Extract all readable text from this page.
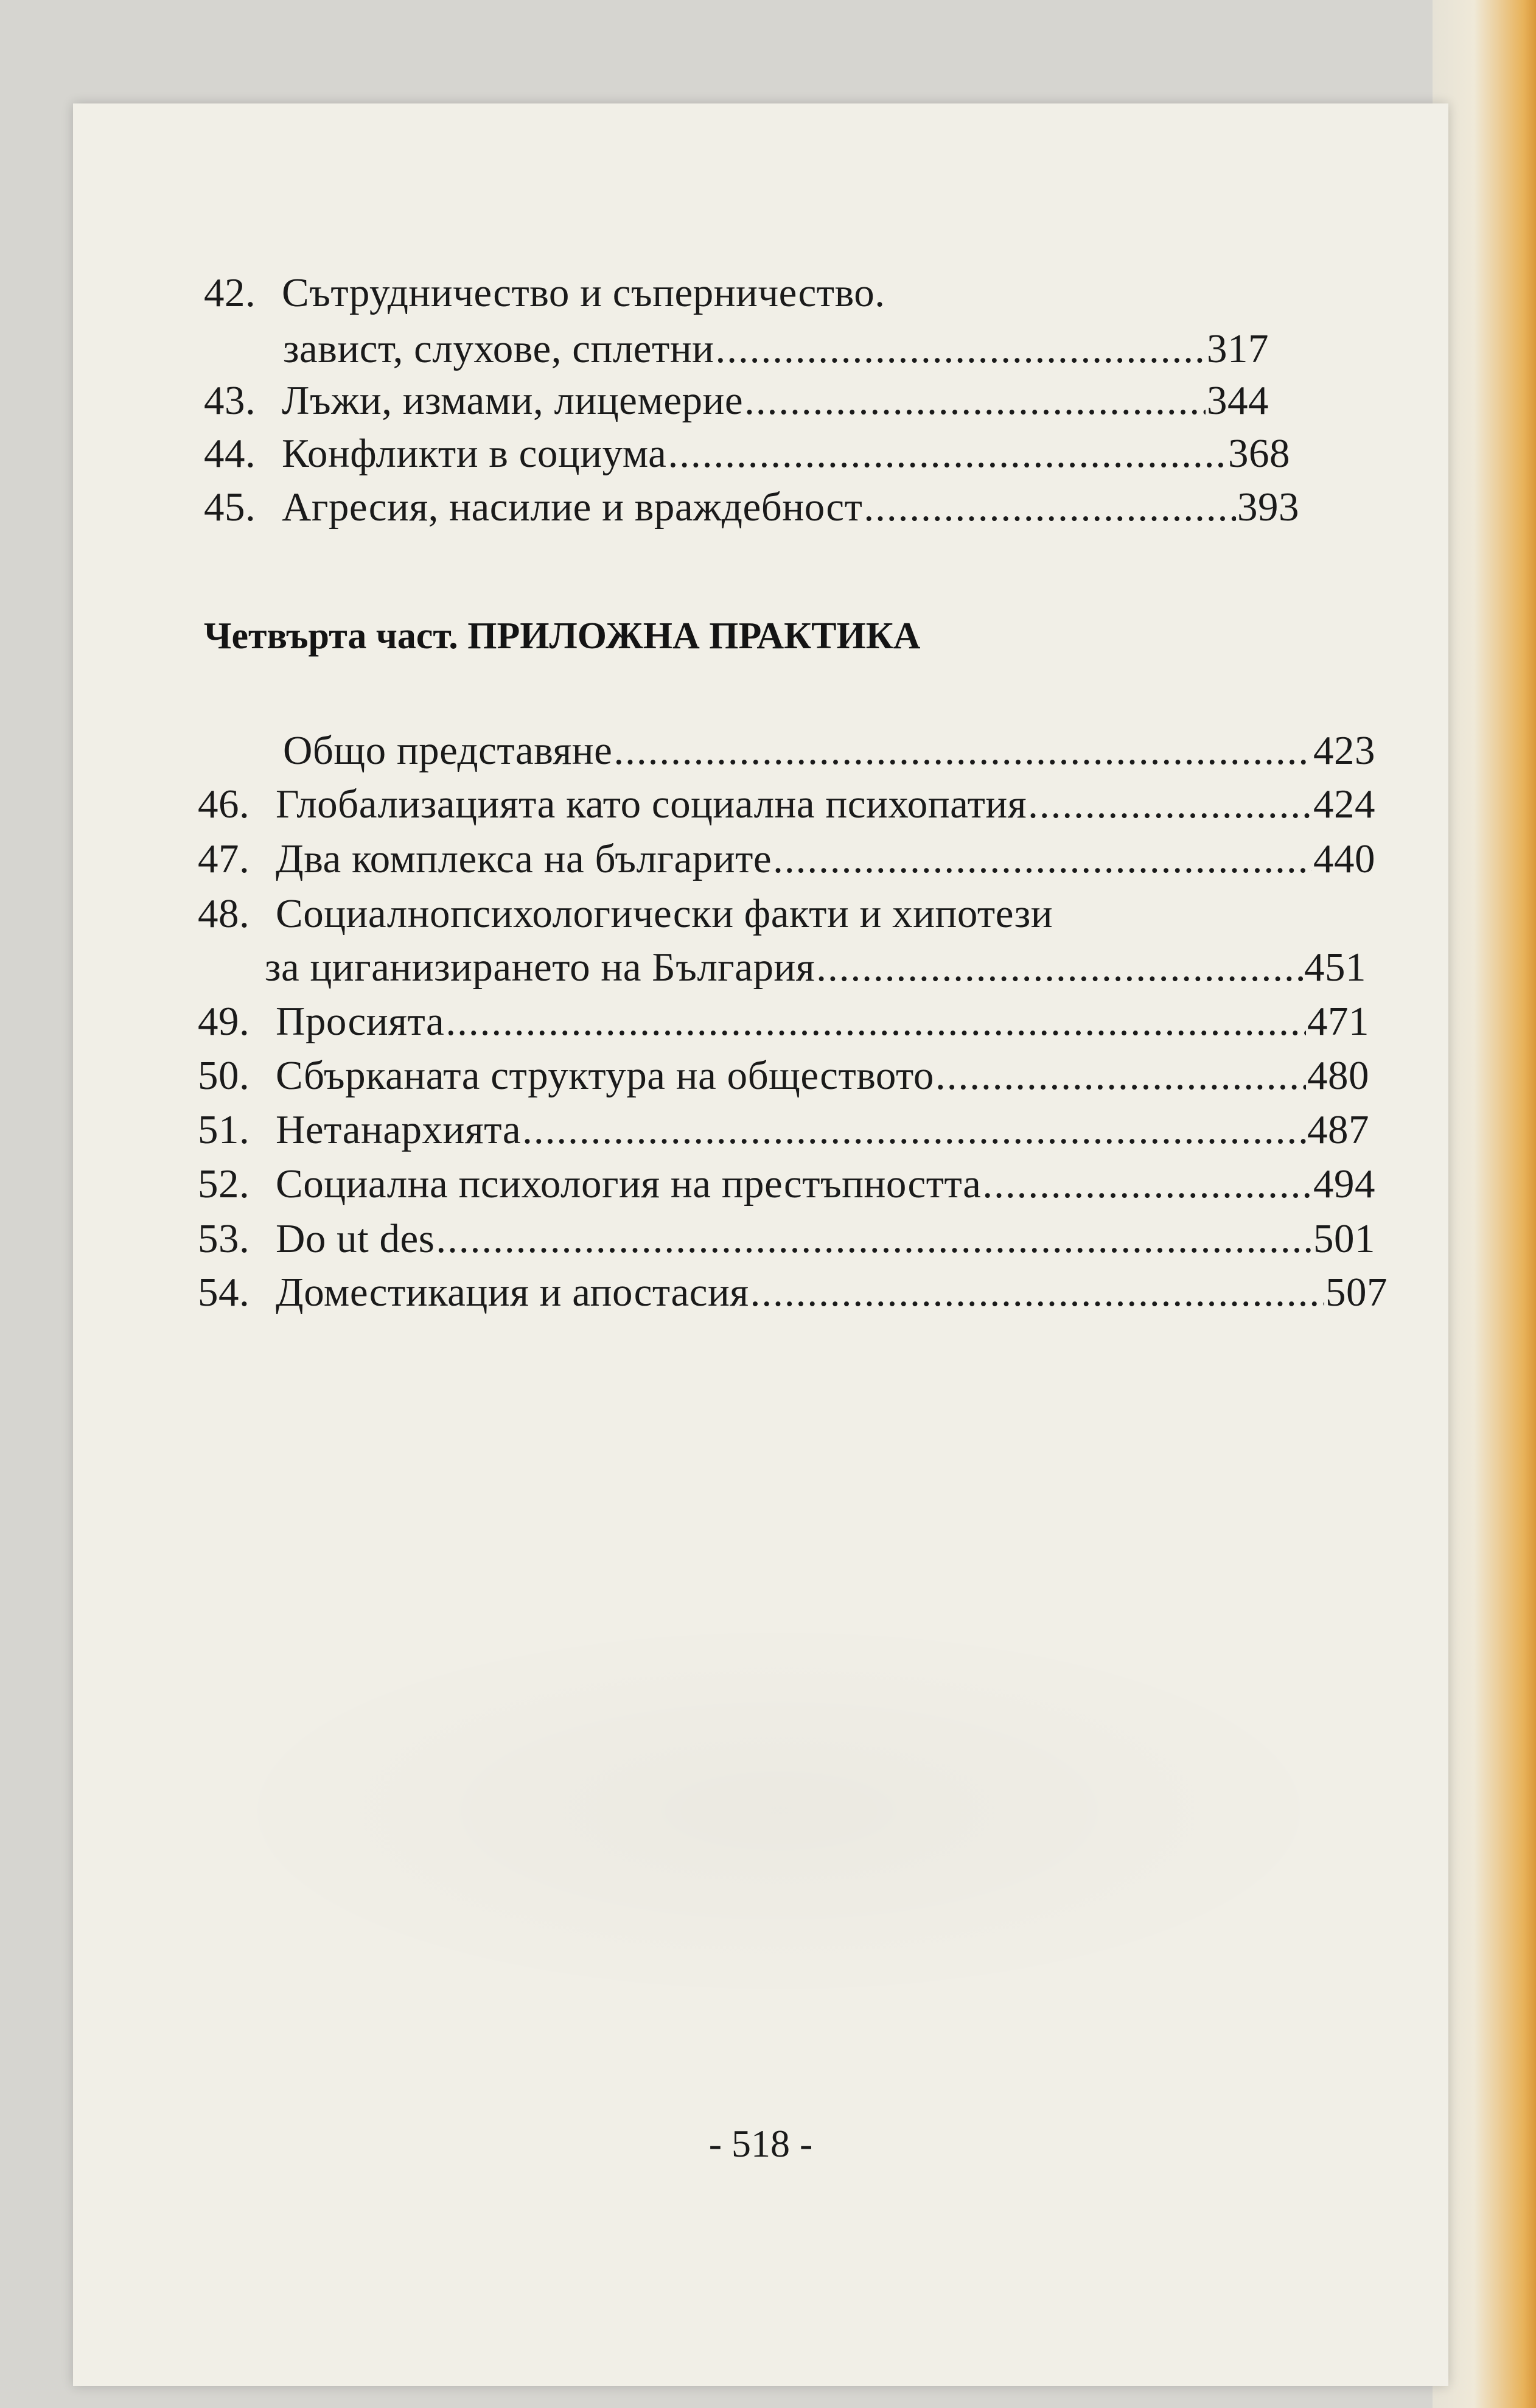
42. Сътрудничество и съперничество.
завист, слухове, сплетни .....	317
43. Лъжи, измами, лицемерие .....	344
44. Конфликти в социума .....	368
45. Агресия, насилие и враждебност .....	393
Четвърта част. ПРИЛОЖНА ПРАКТИКА
Общо представяне .....	423
46. Глобализацията като социална психопатия .....	424
47. Два комплекса на българите .....	440
48. Социалнопсихологически факти и хипотези
за циганизирането на България .....	451
49. Просията .....	471
50. Сбърканата структура на обществото .....	480
51. Нетанархията .....	487
52. Социална психология на престъпността .....	494
53. Do ut des .....	501
54. Доместикация и апостасия .....	507
- 518 -
